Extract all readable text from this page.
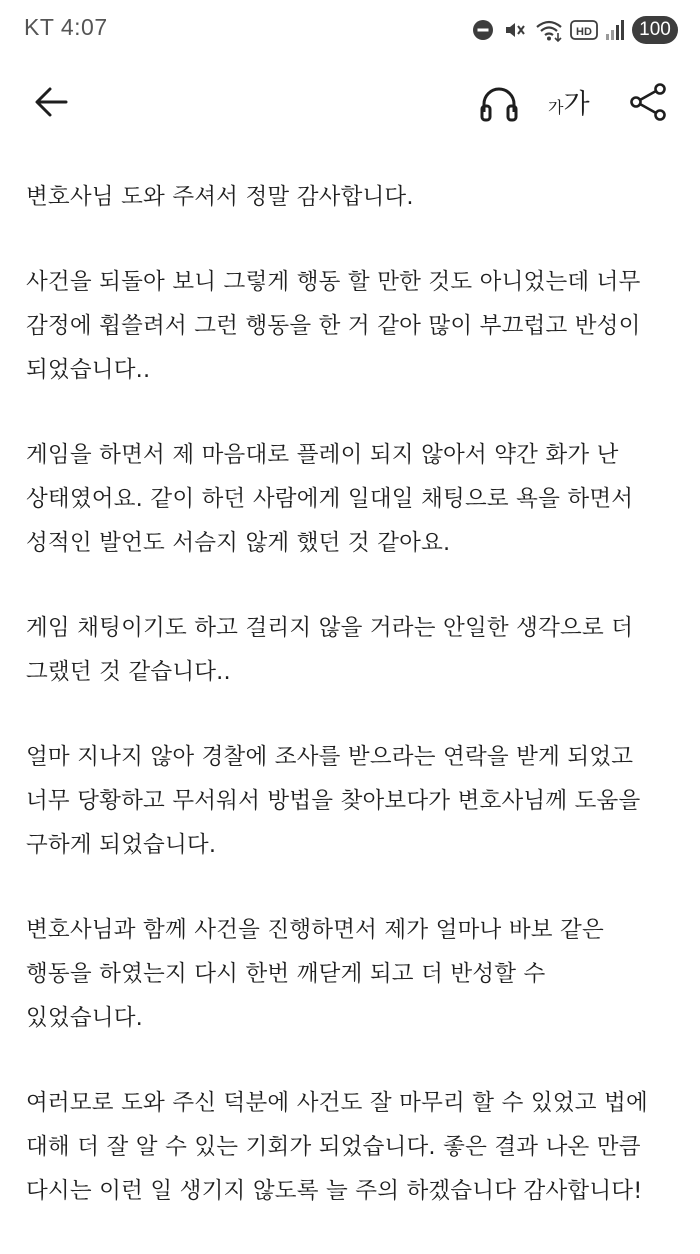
KT 4:07	HD	100
가 가
변호사님 도와 주셔서 정말 감사합니다.
사건을 되돌아 보니 그렇게 행동 할 만한 것도 아니었는데 너무
감정에 휩쓸려서 그런 행동을 한 거 같아 많이 부끄럽고 반성이
되었습니다..
게임을 하면서 제 마음대로 플레이 되지 않아서 약간 화가 난
상태였어요. 같이 하던 사람에게 일대일 채팅으로 욕을 하면서
성적인 발언도 서슴지 않게 했던 것 같아요.
게임 채팅이기도 하고 걸리지 않을 거라는 안일한 생각으로 더
그랬던 것 같습니다..
얼마 지나지 않아 경찰에 조사를 받으라는 연락을 받게 되었고
너무 당황하고 무서워서 방법을 찾아보다가 변호사님께 도움을
구하게 되었습니다.
변호사님과 함께 사건을 진행하면서 제가 얼마나 바보 같은
행동을 하였는지 다시 한번 깨닫게 되고 더 반성할 수
있었습니다.
여러모로 도와 주신 덕분에 사건도 잘 마무리 할 수 있었고 법에
대해 더 잘 알 수 있는 기회가 되었습니다. 좋은 결과 나온 만큼
다시는 이런 일 생기지 않도록 늘 주의 하겠습니다 감사합니다!
